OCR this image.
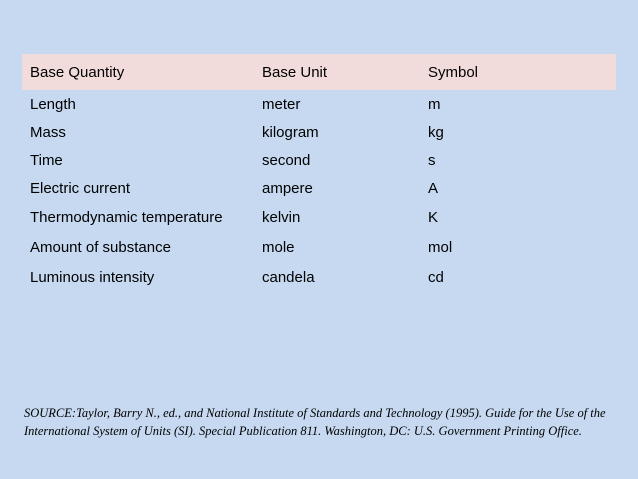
Base Quantity	Base Unit	Symbol
Length	meter	m
Mass	kilogram	kg
Time	second	s
Electric current	ampere	A
Thermodynamic temperature	kelvin	K
Amount of substance	mole	mol
Luminous intensity	candela	cd
SOURCE:Taylor, Barry N., ed., and National Institute of Standards and Technology (1995). Guide for the Use of the International System of Units (SI). Special Publication 811. Washington, DC: U.S. Government Printing Office.
